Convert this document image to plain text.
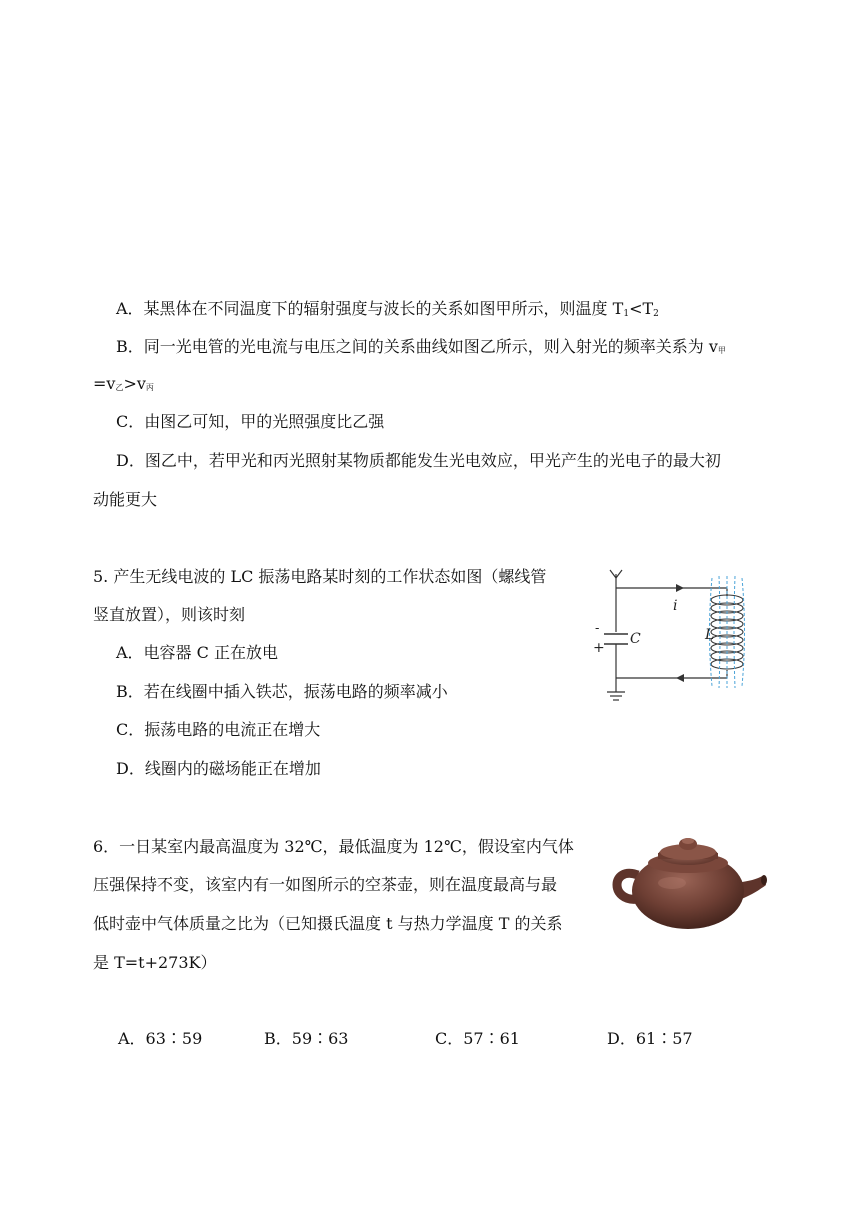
A．某黑体在不同温度下的辐射强度与波长的关系如图甲所示，则温度 $T_1<T_2$
B．同一光电管的光电流与电压之间的关系曲线如图乙所示，则入射光的频率关系为 v甲
=v乙>v丙
C．由图乙可知，甲的光照强度比乙强
D．图乙中，若甲光和丙光照射某物质都能发生光电效应，甲光产生的光电子的最大初
动能更大
5. 产生无线电波的 LC 振荡电路某时刻的工作状态如图（螺线管
竖直放置），则该时刻
A．电容器 C 正在放电
B．若在线圈中插入铁芯，振荡电路的频率减小
C．振荡电路的电流正在增大
D．线圈内的磁场能正在增加
i
L
C
-
+
6．一日某室内最高温度为 32℃，最低温度为 12℃，假设室内气体
压强保持不变，该室内有一如图所示的空茶壶，则在温度最高与最
低时壶中气体质量之比为（已知摄氏温度 t 与热力学温度 T 的关系
是 T=t+273K）
A．63∶59	B．59∶63	C．57∶61	D．61∶57
